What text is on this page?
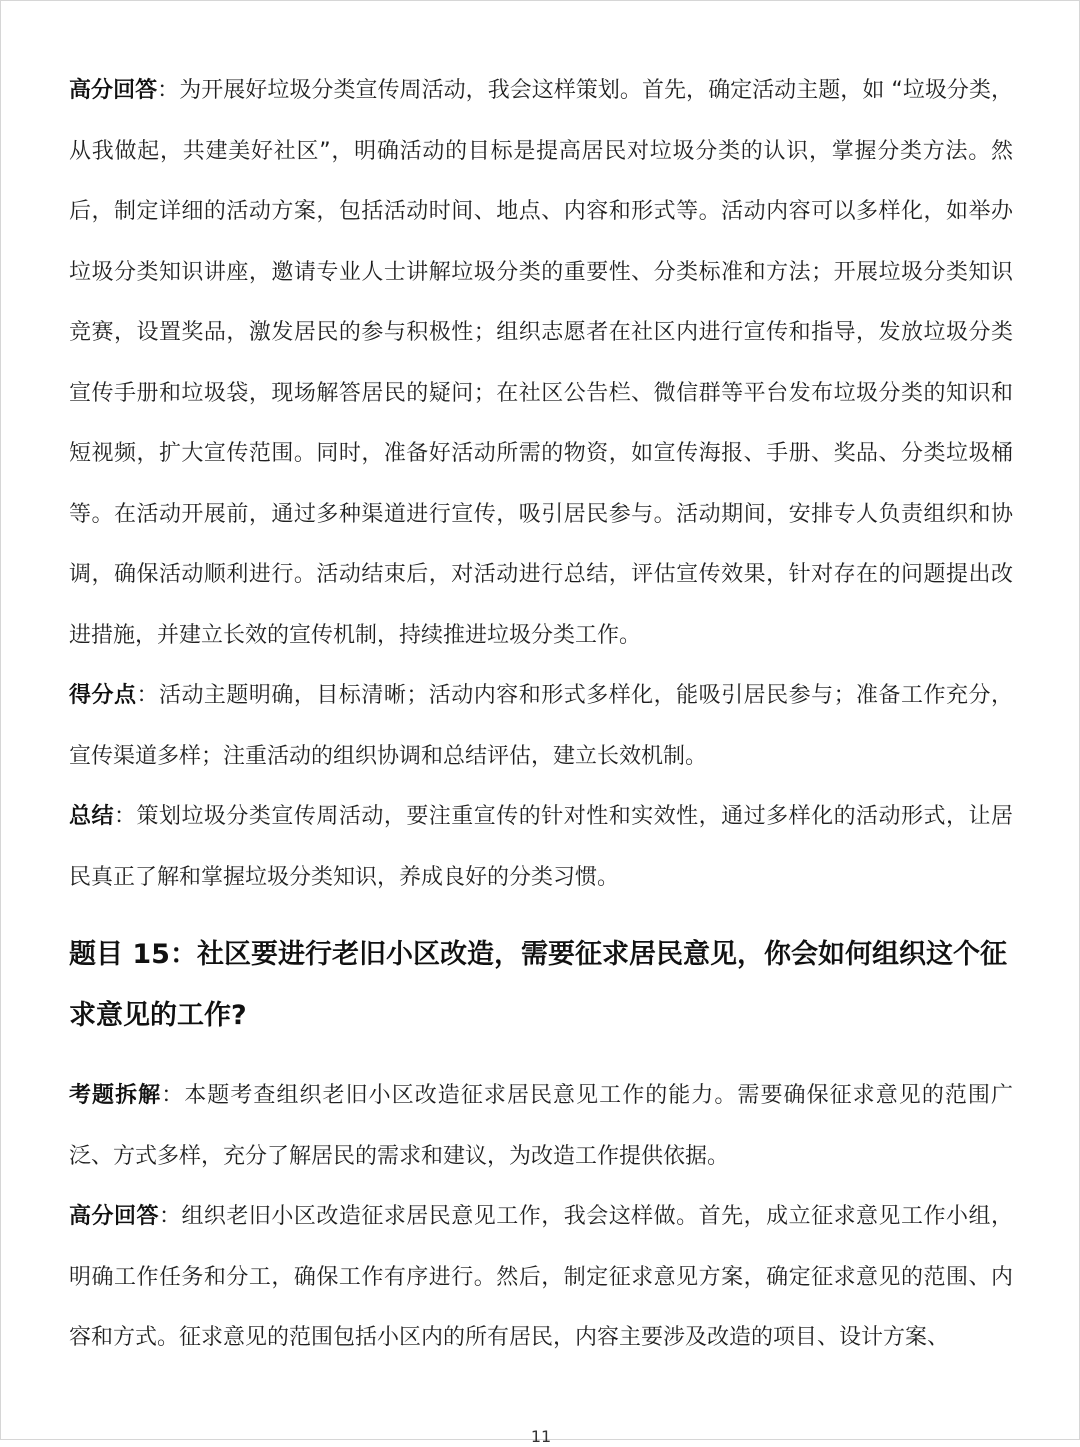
高分回答：为开展好垃圾分类宣传周活动，我会这样策划。首先，确定活动主题，如 “垃圾分类，从我做起，共建美好社区”，明确活动的目标是提高居民对垃圾分类的认识，掌握分类方法。然后，制定详细的活动方案，包括活动时间、地点、内容和形式等。活动内容可以多样化，如举办垃圾分类知识讲座，邀请专业人士讲解垃圾分类的重要性、分类标准和方法；开展垃圾分类知识竞赛，设置奖品，激发居民的参与积极性；组织志愿者在社区内进行宣传和指导，发放垃圾分类宣传手册和垃圾袋，现场解答居民的疑问；在社区公告栏、微信群等平台发布垃圾分类的知识和短视频，扩大宣传范围。同时，准备好活动所需的物资，如宣传海报、手册、奖品、分类垃圾桶等。在活动开展前，通过多种渠道进行宣传，吸引居民参与。活动期间，安排专人负责组织和协调，确保活动顺利进行。活动结束后，对活动进行总结，评估宣传效果，针对存在的问题提出改进措施，并建立长效的宣传机制，持续推进垃圾分类工作。

得分点：活动主题明确，目标清晰；活动内容和形式多样化，能吸引居民参与；准备工作充分，宣传渠道多样；注重活动的组织协调和总结评估，建立长效机制。

总结：策划垃圾分类宣传周活动，要注重宣传的针对性和实效性，通过多样化的活动形式，让居民真正了解和掌握垃圾分类知识，养成良好的分类习惯。

题目 15：社区要进行老旧小区改造，需要征求居民意见，你会如何组织这个征求意见的工作?

考题拆解：本题考查组织老旧小区改造征求居民意见工作的能力。需要确保征求意见的范围广泛、方式多样，充分了解居民的需求和建议，为改造工作提供依据。

高分回答：组织老旧小区改造征求居民意见工作，我会这样做。首先，成立征求意见工作小组，明确工作任务和分工，确保工作有序进行。然后，制定征求意见方案，确定征求意见的范围、内容和方式。征求意见的范围包括小区内的所有居民，内容主要涉及改造的项目、设计方案、

11
